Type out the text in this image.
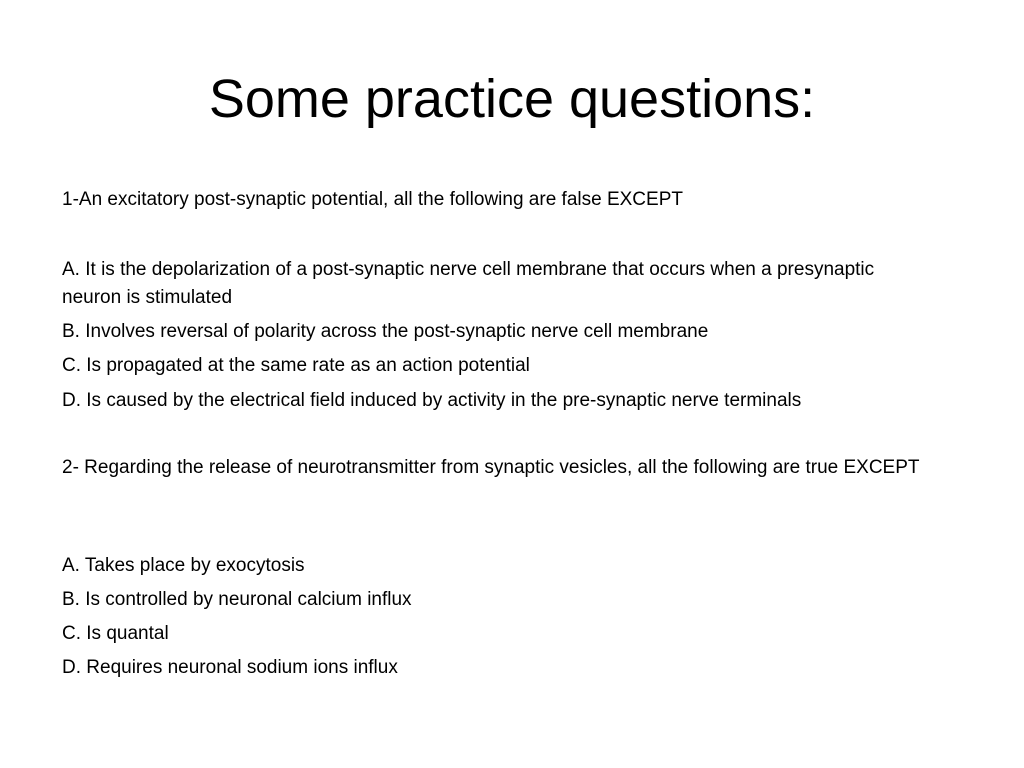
Some practice questions:

1-An excitatory post-synaptic potential, all the following are false EXCEPT

A. It is the depolarization of a post-synaptic nerve cell membrane that occurs when a presynaptic neuron is stimulated

B. Involves reversal of polarity across the post-synaptic nerve cell membrane

C. Is propagated at the same rate as an action potential

D. Is caused by the electrical field induced by activity in the pre-synaptic nerve terminals

2- Regarding the release of neurotransmitter from synaptic vesicles, all the following are true EXCEPT

A. Takes place by exocytosis

B. Is controlled by neuronal calcium influx

C. Is quantal

D. Requires neuronal sodium ions influx
